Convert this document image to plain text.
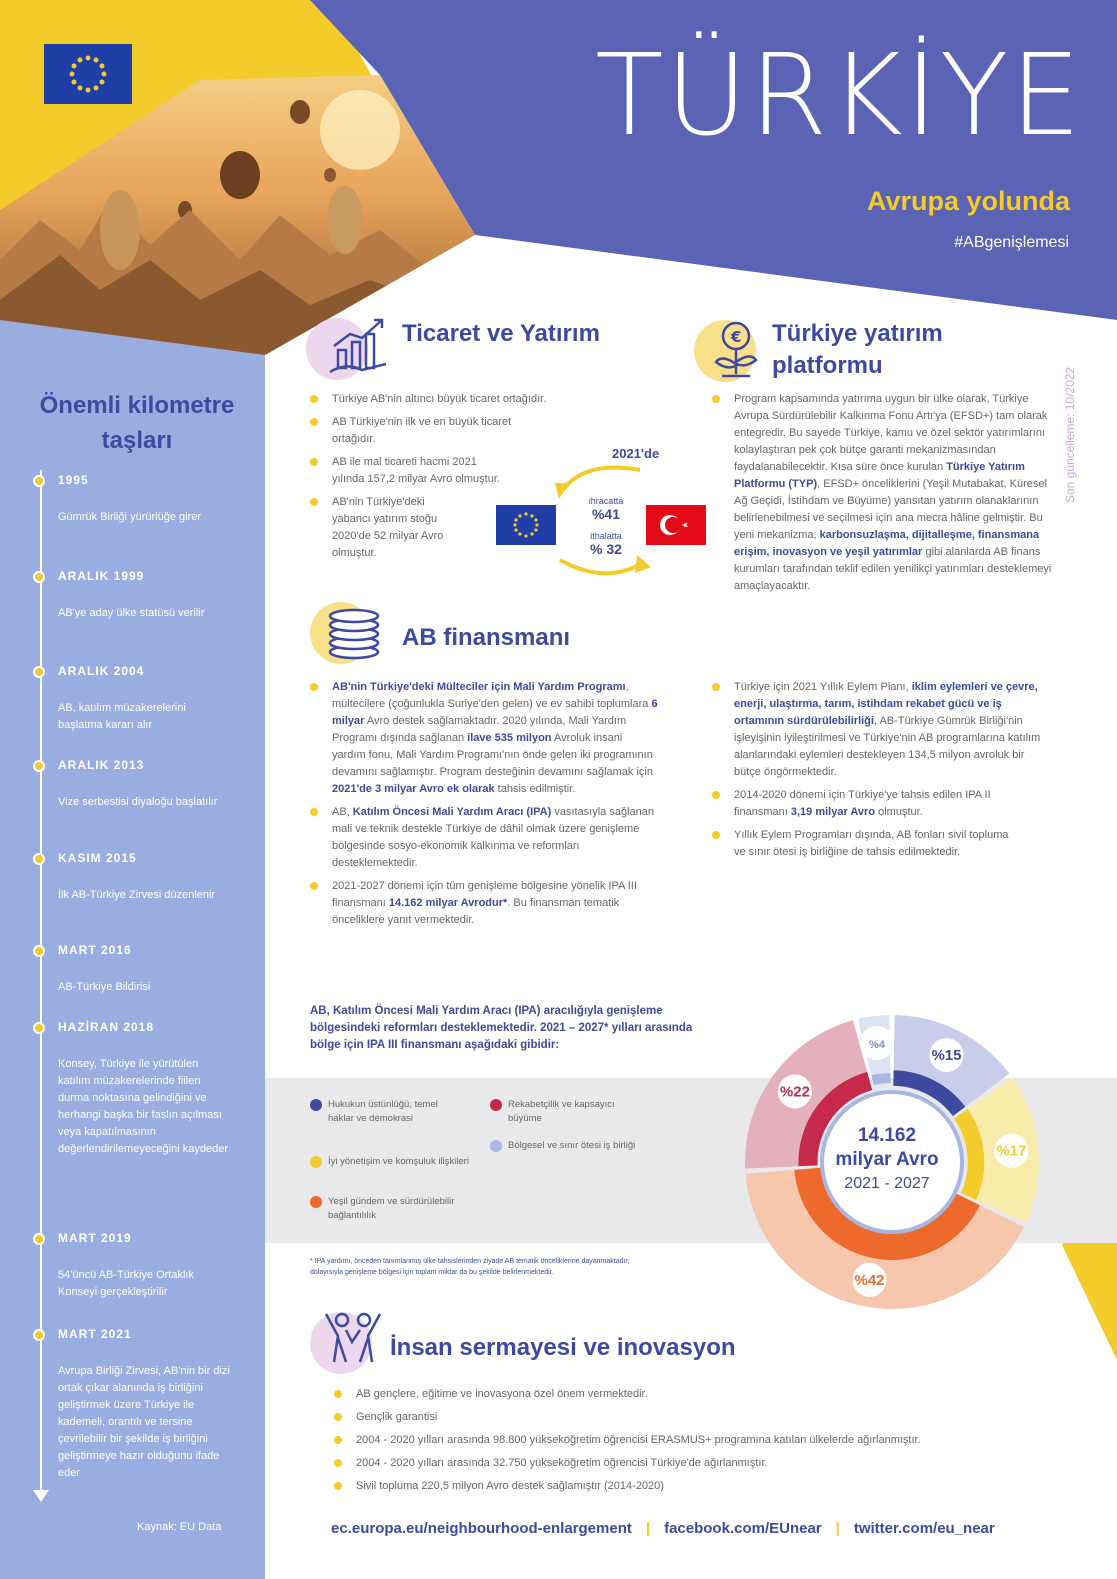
TÜRKİYE
Avrupa yolunda
#ABgenişlemesi
Son güncelleme: 10/2022
Önemli kilometre taşları
1995
Gümrük Birliği yürürlüğe girer
ARALIK 1999
AB'ye aday ülke statüsü verilir
ARALIK 2004
AB, katılım müzakerelerini başlatma kararı alır
ARALIK 2013
Vize serbestisi diyaloğu başlatılır
KASIM 2015
İlk AB-Türkiye Zirvesi düzenlenir
MART 2016
AB-Türkiye Bildirisi
HAZİRAN 2018
Konsey, Türkiye ile yürütülen katılım müzakerelerinde fiilen durma noktasına gelindiğini ve herhangi başka bir faslın açılması veya kapatılmasının değerlendirilemeyeceğini kaydeder
MART 2019
54'üncü AB-Türkiye Ortaklık Konseyi gerçekleştirilir
MART 2021
Avrupa Birliği Zirvesi, AB'nin bir dizi ortak çıkar alanında iş birliğini geliştirmek üzere Türkiye ile kademeli, orantılı ve tersine çevrilebilir bir şekilde iş birliğini geliştirmeye hazır olduğunu ifade eder
Kaynak: EU Data
Ticaret ve Yatırım
Türkiye AB'nin altıncı büyük ticaret ortağıdır.
AB Türkiye'nin ilk ve en büyük ticaret ortağıdır.
AB ile mal ticareti hacmi 2021 yılında 157,2 milyar Avro olmuştur.
AB'nin Türkiye'deki yabancı yatırım stoğu 2020'de 52 milyar Avro olmuştur.
2021'de
ihracatta
%41
ithalatta
% 32
€ Türkiye yatırım platformu
Program kapsamında yatırıma uygun bir ülke olarak, Türkiye Avrupa Sürdürülebilir Kalkınma Fonu Artı'ya (EFSD+) tam olarak entegredir. Bu sayede Türkiye, kamu ve özel sektör yatırımlarını kolaylaştıran pek çok bütçe garanti mekanizmasından faydalanabilecektir. Kısa süre önce kurulan Türkiye Yatırım Platformu (TYP), EFSD+ önceliklerini (Yeşil Mutabakat, Küresel Ağ Geçidi, İstihdam ve Büyüme) yansıtan yatırım olanaklarının belirlenebilmesi ve seçilmesi için ana mecra hâline gelmiştir. Bu yeni mekanizma, karbonsuzlaşma, dijitalleşme, finansmana erişim, inovasyon ve yeşil yatırımlar gibi alanlarda AB finans kurumları tarafından teklif edilen yenilikçi yatırımları desteklemeyi amaçlayacaktır.
Türkiye için 2021 Yıllık Eylem Planı, iklim eylemleri ve çevre, enerji, ulaştırma, tarım, istihdam rekabet gücü ve iş ortamının sürdürülebilirliği, AB-Türkiye Gümrük Birliği'nin işleyişinin iyileştirilmesi ve Türkiye'nin AB programlarına katılım alanlarındaki eylemleri destekleyen 134,5 milyon avroluk bir bütçe öngörmektedir.
2014-2020 dönemi için Türkiye'ye tahsis edilen IPA II finansmanı 3,19 milyar Avro olmuştur.
Yıllık Eylem Programları dışında, AB fonları sivil topluma ve sınır ötesi iş birliğine de tahsis edilmektedir.
AB finansmanı
AB'nin Türkiye'deki Mülteciler için Mali Yardım Programı, mültecilere (çoğunlukla Suriye'den gelen) ve ev sahibi toplumlara 6 milyar Avro destek sağlamaktadır. 2020 yılında, Mali Yardım Programı dışında sağlanan ilave 535 milyon Avroluk insani yardım fonu, Mali Yardım Programı'nın önde gelen iki programının devamını sağlamıştır. Program desteğinin devamını sağlamak için 2021'de 3 milyar Avro ek olarak tahsis edilmiştir.
AB, Katılım Öncesi Mali Yardım Aracı (IPA) vasıtasıyla sağlanan mali ve teknik destekle Türkiye de dâhil olmak üzere genişleme bölgesinde sosyo-ekonomik kalkınma ve reformları desteklemektedir.
2021-2027 dönemi için tüm genişleme bölgesine yönelik IPA III finansmanı 14.162 milyar Avrodur*. Bu finansman tematik önceliklere yanıt vermektedir.
AB, Katılım Öncesi Mali Yardım Aracı (IPA) aracılığıyla genişleme bölgesindeki reformları desteklemektedir. 2021 – 2027* yılları arasında bölge için IPA III finansmanı aşağıdaki gibidir:
Hukukun üstünlüğü, temel haklar ve demokrasi
İyi yönetişim ve komşuluk ilişkileri
Yeşil gündem ve sürdürülebilir bağlantılılık
Rekabetçilik ve kapsayıcı büyüme
Bölgesel ve sınır ötesi iş birliği
* IPA yardımı, önceden tanımlanmış ülke tahsislerinden ziyade AB tematik önceliklerine dayanmaktadır; dolayısıyla genişleme bölgesi için toplam miktar da bu şekilde belirlenmektedir.
%15
%17
%42
%22
%4
14.162
milyar Avro
2021 - 2027
İnsan sermayesi ve inovasyon
AB gençlere, eğitime ve inovasyona özel önem vermektedir.
Gençlik garantisi
2004 - 2020 yılları arasında 98.800 yükseköğretim öğrencisi ERASMUS+ programına katılan ülkelerde ağırlanmıştır.
2004 - 2020 yılları arasında 32.750 yükseköğretim öğrencisi Türkiye'de ağırlanmıştır.
Sivil topluma 220,5 milyon Avro destek sağlamıştır (2014-2020)
ec.europa.eu/neighbourhood-enlargement | facebook.com/EUnear | twitter.com/eu_near
